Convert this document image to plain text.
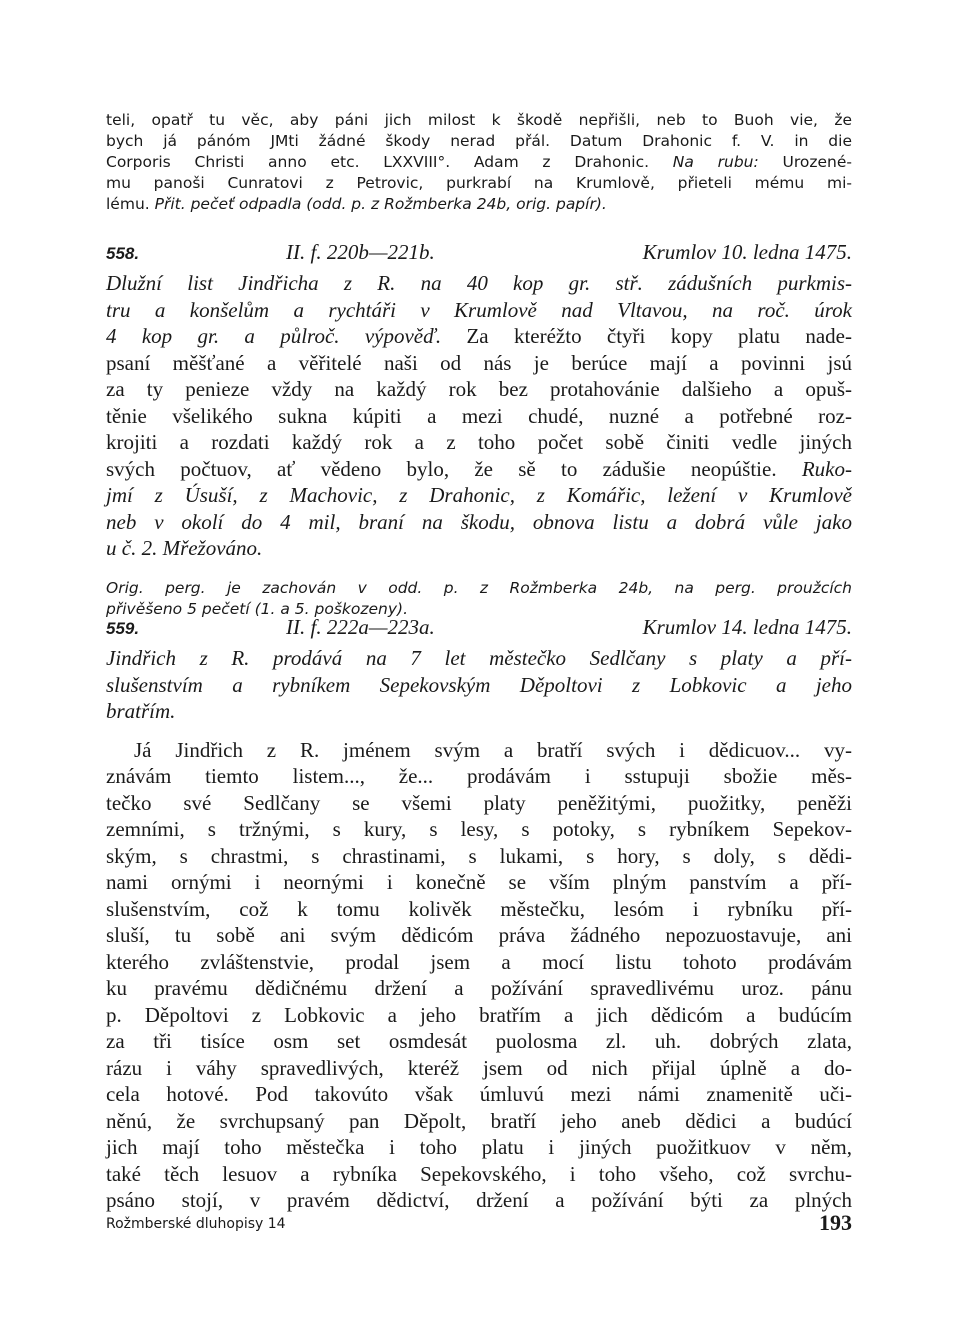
teli, opatř tu věc, aby páni jich milost k škodě nepřišli, neb to Buoh vie, že

bych já pánóm JMti žádné škody nerad přál. Datum Drahonic f. V. in die

Corporis Christi anno etc. LXXVIII°. Adam z Drahonic. Na rubu: Urozené-

mu panoši Cunratovi z Petrovic, purkrabí na Krumlově, přieteli mému mi-

lému. Přit. pečeť odpadla (odd. p. z Rožmberka 24b, orig. papír).

558.	II. f. 220b—221b.	Krumlov 10. ledna 1475.

Dlužní list Jindřicha z R. na 40 kop gr. stř. zádušních purkmis-

tru a konšelům a rychtáři v Krumlově nad Vltavou, na roč. úrok

4 kop gr. a půlroč. výpověď. Za kteréžto čtyři kopy platu nade-

psaní měšťané a věřitelé naši od nás je berúce mají a povinni jsú

za ty penieze vždy na každý rok bez protahovánie dalšieho a opuš-

těnie všelikého sukna kúpiti a mezi chudé, nuzné a potřebné roz-

krojiti a rozdati každý rok a z toho počet sobě činiti vedle jiných

svých počtuov, ať vědeno bylo, že sě to zádušie neopúštie. Ruko-

jmí z Úsuší, z Machovic, z Drahonic, z Komářic, ležení v Krumlově

neb v okolí do 4 mil, braní na škodu, obnova listu a dobrá vůle jako

u č. 2. Mřežováno.

Orig. perg. je zachován v odd. p. z Rožmberka 24b, na perg. proužcích

přivěšeno 5 pečetí (1. a 5. poškozeny).

559.	II. f. 222a—223a.	Krumlov 14. ledna 1475.

Jindřich z R. prodává na 7 let městečko Sedlčany s platy a pří-

slušenstvím a rybníkem Sepekovským Děpoltovi z Lobkovic a jeho

bratřím.

Já Jindřich z R. jménem svým a bratří svých i dědicuov... vy-

znávám tiemto listem..., že... prodávám i sstupuji sbožie měs-

tečko své Sedlčany se všemi platy peněžitými, puožitky, peněži

zemními, s tržnými, s kury, s lesy, s potoky, s rybníkem Sepekov-

ským, s chrastmi, s chrastinami, s lukami, s hory, s doly, s dědi-

nami ornými i neornými i konečně se vším plným panstvím a pří-

slušenstvím, což k tomu kolivěk městečku, lesóm i rybníku pří-

sluší, tu sobě ani svým dědicóm práva žádného nepozuostavuje, ani

kterého zvláštenstvie, prodal jsem a mocí listu tohoto prodávám

ku pravému dědičnému držení a požívání spravedlivému uroz. pánu

p. Děpoltovi z Lobkovic a jeho bratřím a jich dědicóm a budúcím

za tři tisíce osm set osmdesát puolosma zl. uh. dobrých zlata,

rázu i váhy spravedlivých, kteréž jsem od nich přijal úplně a do-

cela hotové. Pod takovúto však úmluvú mezi námi znamenitě uči-

něnú, že svrchupsaný pan Děpolt, bratří jeho aneb dědici a budúcí

jich mají toho městečka i toho platu i jiných puožitkuov v něm,

také těch lesuov a rybníka Sepekovského, i toho všeho, což svrchu-

psáno stojí, v pravém dědictví, držení a požívání býti za plných

Rožmberské dluhopisy 14	193
